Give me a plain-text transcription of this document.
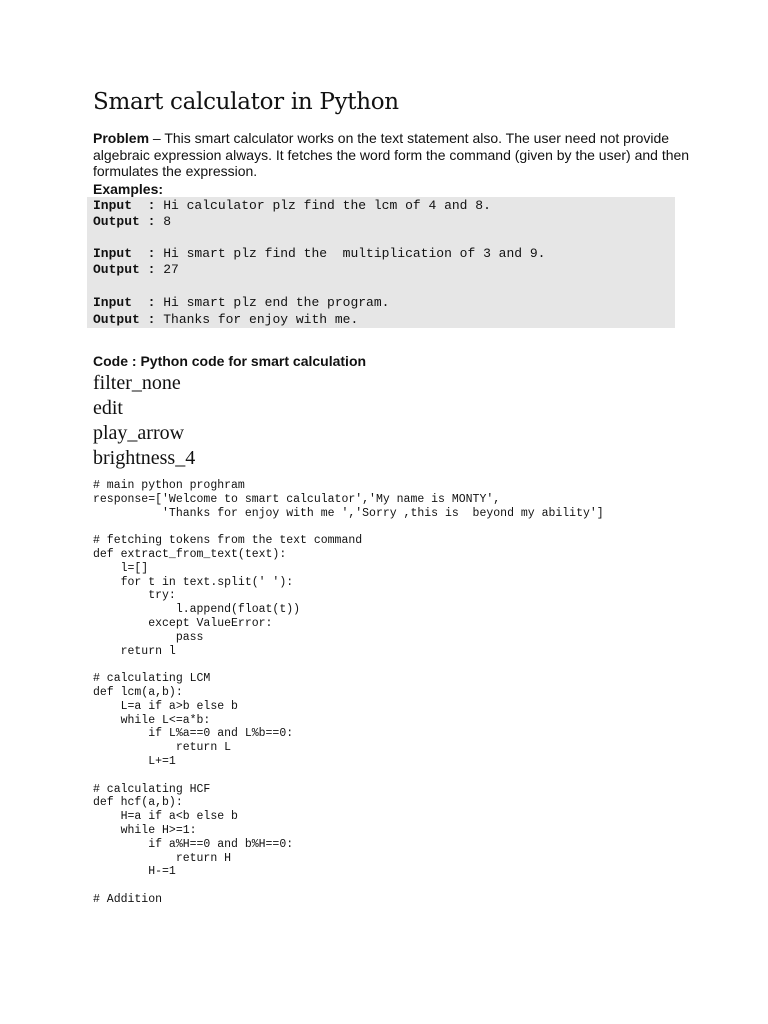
Smart calculator in Python

Problem – This smart calculator works on the text statement also. The user need not provide algebraic expression always. It fetches the word form the command (given by the user) and then formulates the expression.

Examples:
Input  : Hi calculator plz find the lcm of 4 and 8.
Output : 8
Input  : Hi smart plz find the  multiplication of 3 and 9.
Output : 27
Input  : Hi smart plz end the program.
Output : Thanks for enjoy with me.
Code : Python code for smart calculation
filter_none
edit
play_arrow
brightness_4
# main python proghram
response=['Welcome to smart calculator','My name is MONTY',
'Thanks for enjoy with me ','Sorry ,this is  beyond my ability']

# fetching tokens from the text command
def extract_from_text(text):
l=[]
for t in text.split(' '):
try:
l.append(float(t))
except ValueError:
pass
return l

# calculating LCM
def lcm(a,b):
L=a if a>b else b
while L<=a*b:
if L%a==0 and L%b==0:
return L
L+=1

# calculating HCF
def hcf(a,b):
H=a if a<b else b
while H>=1:
if a%H==0 and b%H==0:
return H
H-=1

# Addition
